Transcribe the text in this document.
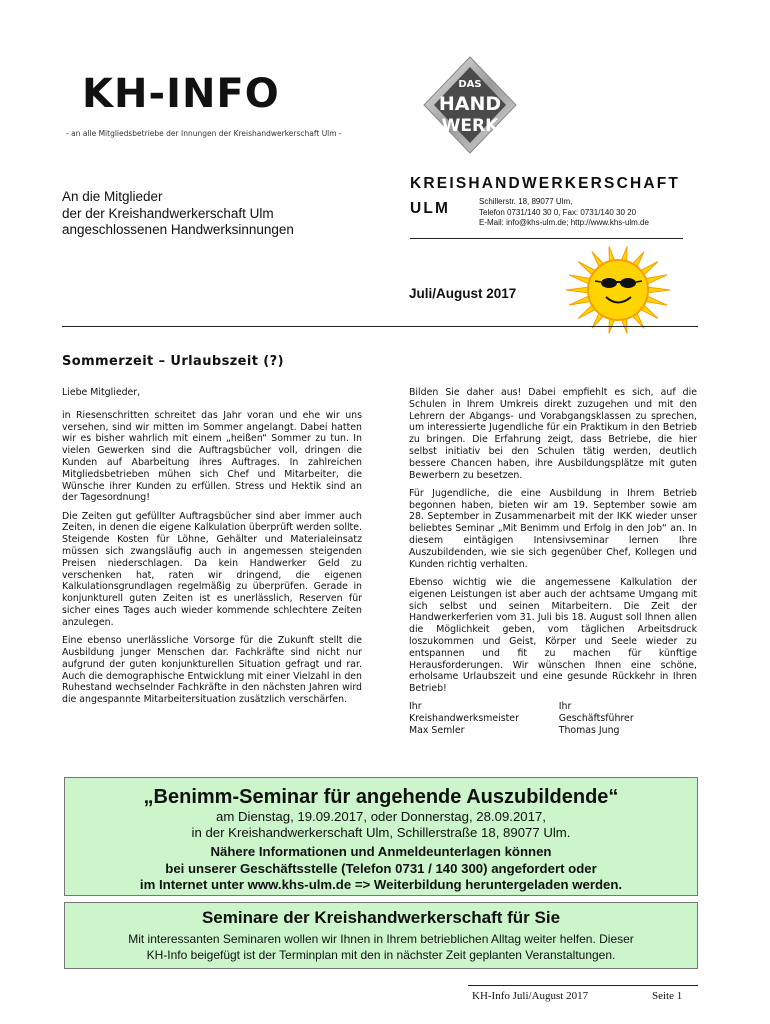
KH-INFO
- an alle Mitgliedsbetriebe der Innungen der Kreishandwerkerschaft Ulm -
DAS
HAND
WERK
An die Mitglieder
der der Kreishandwerkerschaft Ulm
angeschlossenen Handwerksinnungen
KREISHANDWERKERSCHAFT
ULM	Schillerstr. 18, 89077 Ulm,
Telefon 0731/140 30 0, Fax: 0731/140 30 20
E-Mail: info@khs-ulm.de; http://www.khs-ulm.de
Juli/August 2017
Sommerzeit – Urlaubszeit (?)

Liebe Mitglieder,

in Riesenschritten schreitet das Jahr voran und ehe wir uns versehen, sind wir mitten im Sommer angelangt. Dabei hatten wir es bisher wahrlich mit einem „heißen“ Sommer zu tun. In vielen Gewerken sind die Auftragsbücher voll, dringen die Kunden auf Abarbeitung ihres Auftrages. In zahlreichen Mitgliedsbetrieben mühen sich Chef und Mitarbeiter, die Wünsche ihrer Kunden zu erfüllen. Stress und Hektik sind an der Tagesordnung!

Die Zeiten gut gefüllter Auftragsbücher sind aber immer auch Zeiten, in denen die eigene Kalkulation überprüft werden sollte. Steigende Kosten für Löhne, Gehälter und Materialeinsatz müssen sich zwangsläufig auch in angemessen steigenden Preisen niederschlagen. Da kein Handwerker Geld zu verschenken hat, raten wir dringend, die eigenen Kalkulationsgrundlagen regelmäßig zu überprüfen. Gerade in konjunkturell guten Zeiten ist es unerlässlich, Reserven für sicher eines Tages auch wieder kommende schlechtere Zeiten anzulegen.

Eine ebenso unerlässliche Vorsorge für die Zukunft stellt die Ausbildung junger Menschen dar. Fachkräfte sind nicht nur aufgrund der guten konjunkturellen Situation gefragt und rar. Auch die demographische Entwicklung mit einer Vielzahl in den Ruhestand wechselnder Fachkräfte in den nächsten Jahren wird die angespannte Mitarbeitersituation zusätzlich verschärfen.

Bilden Sie daher aus! Dabei empfiehlt es sich, auf die Schulen in Ihrem Umkreis direkt zuzugehen und mit den Lehrern der Abgangs- und Vorabgangsklassen zu sprechen, um interessierte Jugendliche für ein Praktikum in den Betrieb zu bringen. Die Erfahrung zeigt, dass Betriebe, die hier selbst initiativ bei den Schulen tätig werden, deutlich bessere Chancen haben, ihre Ausbildungsplätze mit guten Bewerbern zu besetzen.

Für Jugendliche, die eine Ausbildung in Ihrem Betrieb begonnen haben, bieten wir am 19. September sowie am 28. September in Zusammenarbeit mit der IKK wieder unser beliebtes Seminar „Mit Benimm und Erfolg in den Job“ an. In diesem eintägigen Intensivseminar lernen Ihre Auszubildenden, wie sie sich gegenüber Chef, Kollegen und Kunden richtig verhalten.

Ebenso wichtig wie die angemessene Kalkulation der eigenen Leistungen ist aber auch der achtsame Umgang mit sich selbst und seinen Mitarbeitern. Die Zeit der Handwerkerferien vom 31. Juli bis 18. August soll Ihnen allen die Möglichkeit geben, vom täglichen Arbeitsdruck loszukommen und Geist, Körper und Seele wieder zu entspannen und fit zu machen für künftige Herausforderungen. Wir wünschen Ihnen eine schöne, erholsame Urlaubszeit und eine gesunde Rückkehr in Ihren Betrieb!

Ihr Kreishandwerksmeister
Max Semler
Ihr Geschäftsführer
Thomas Jung
„Benimm-Seminar für angehende Auszubildende“
am Dienstag, 19.09.2017, oder Donnerstag, 28.09.2017,
in der Kreishandwerkerschaft Ulm, Schillerstraße 18, 89077 Ulm.
Nähere Informationen und Anmeldeunterlagen können
bei unserer Geschäftsstelle (Telefon 0731 / 140 300) angefordert oder
im Internet unter www.khs-ulm.de => Weiterbildung heruntergeladen werden.
Seminare der Kreishandwerkerschaft für Sie
Mit interessanten Seminaren wollen wir Ihnen in Ihrem betrieblichen Alltag weiter helfen. Dieser
KH-Info beigefügt ist der Terminplan mit den in nächster Zeit geplanten Veranstaltungen.
KH-Info Juli/August 2017	Seite 1
